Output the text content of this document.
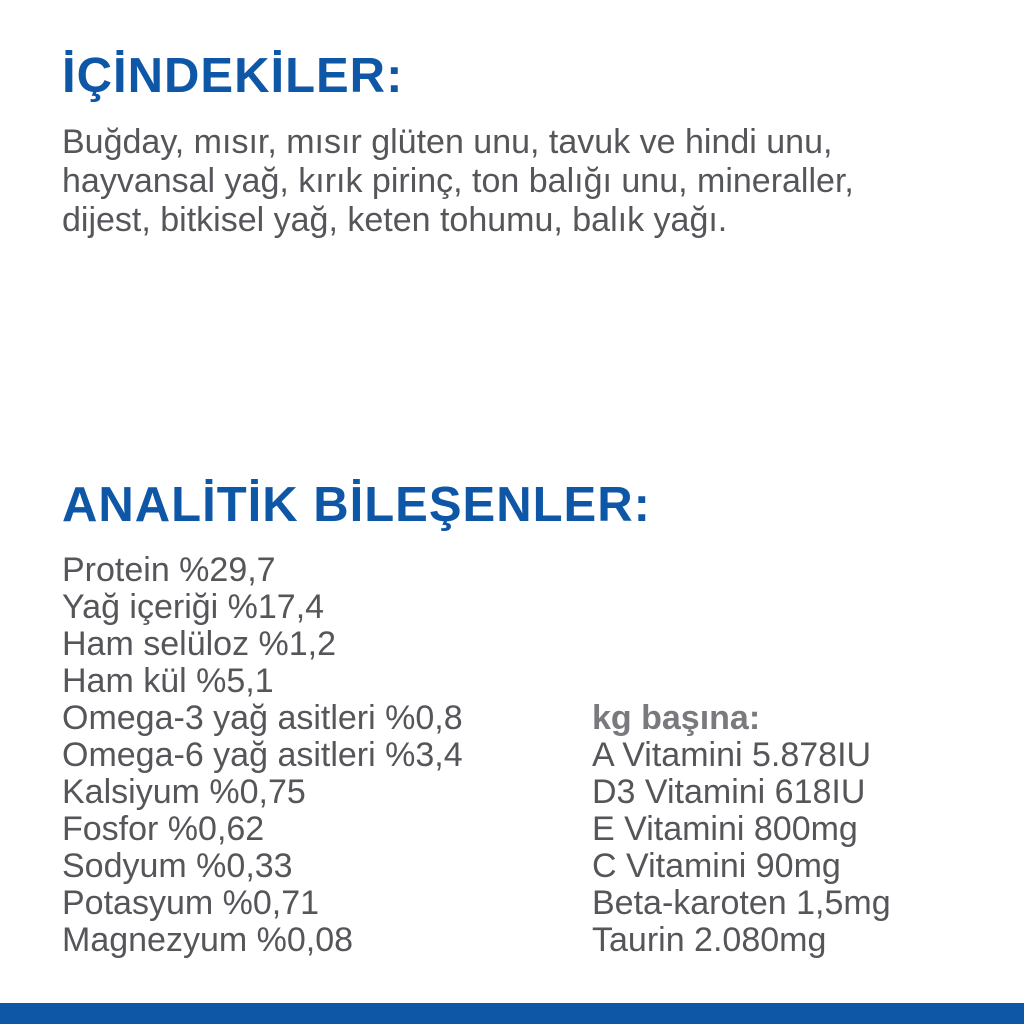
İÇİNDEKİLER:
Buğday, mısır, mısır glüten unu, tavuk ve hindi unu, hayvansal yağ, kırık pirinç, ton balığı unu, mineraller, dijest, bitkisel yağ, keten tohumu, balık yağı.
ANALİTİK BİLEŞENLER:
Protein %29,7
Yağ içeriği %17,4
Ham selüloz %1,2
Ham kül %5,1
Omega-3 yağ asitleri %0,8
Omega-6 yağ asitleri %3,4
Kalsiyum %0,75
Fosfor %0,62
Sodyum %0,33
Potasyum %0,71
Magnezyum %0,08
kg başına:
A Vitamini 5.878IU
D3 Vitamini 618IU
E Vitamini 800mg
C Vitamini 90mg
Beta-karoten 1,5mg
Taurin 2.080mg
